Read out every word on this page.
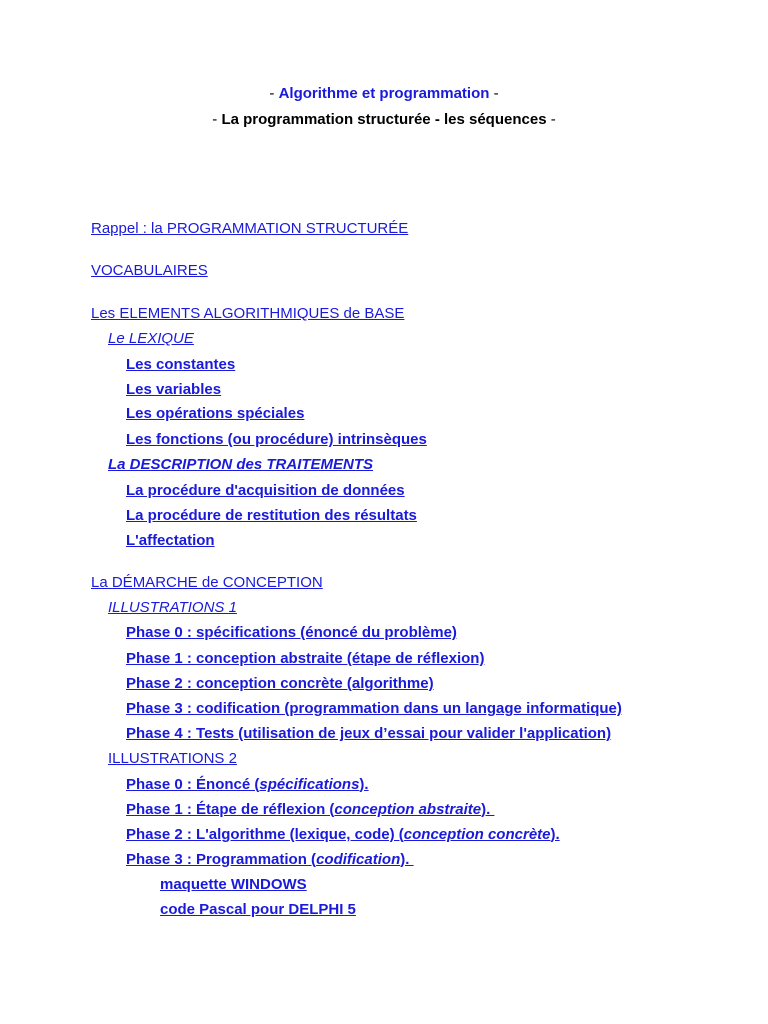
- Algorithme et programmation -
- La programmation structurée - les séquences -
Rappel : la PROGRAMMATION STRUCTURÉE
VOCABULAIRES
Les ELEMENTS ALGORITHMIQUES de BASE
Le LEXIQUE
Les constantes
Les variables
Les opérations spéciales
Les fonctions (ou procédure) intrinsèques
La DESCRIPTION des TRAITEMENTS
La procédure d'acquisition de données
La procédure de restitution des résultats
L'affectation
La DÉMARCHE de CONCEPTION
ILLUSTRATIONS 1
Phase 0 : spécifications (énoncé du problème)
Phase 1 : conception abstraite (étape de réflexion)
Phase 2 : conception concrète (algorithme)
Phase 3 : codification (programmation dans un langage informatique)
Phase 4 : Tests (utilisation de jeux d’essai pour valider l'application)
ILLUSTRATIONS 2
Phase 0 : Énoncé (spécifications).
Phase 1 : Étape de réflexion (conception abstraite).
Phase 2 : L'algorithme (lexique, code) (conception concrète).
Phase 3 : Programmation (codification).
maquette WINDOWS
code Pascal pour DELPHI 5
